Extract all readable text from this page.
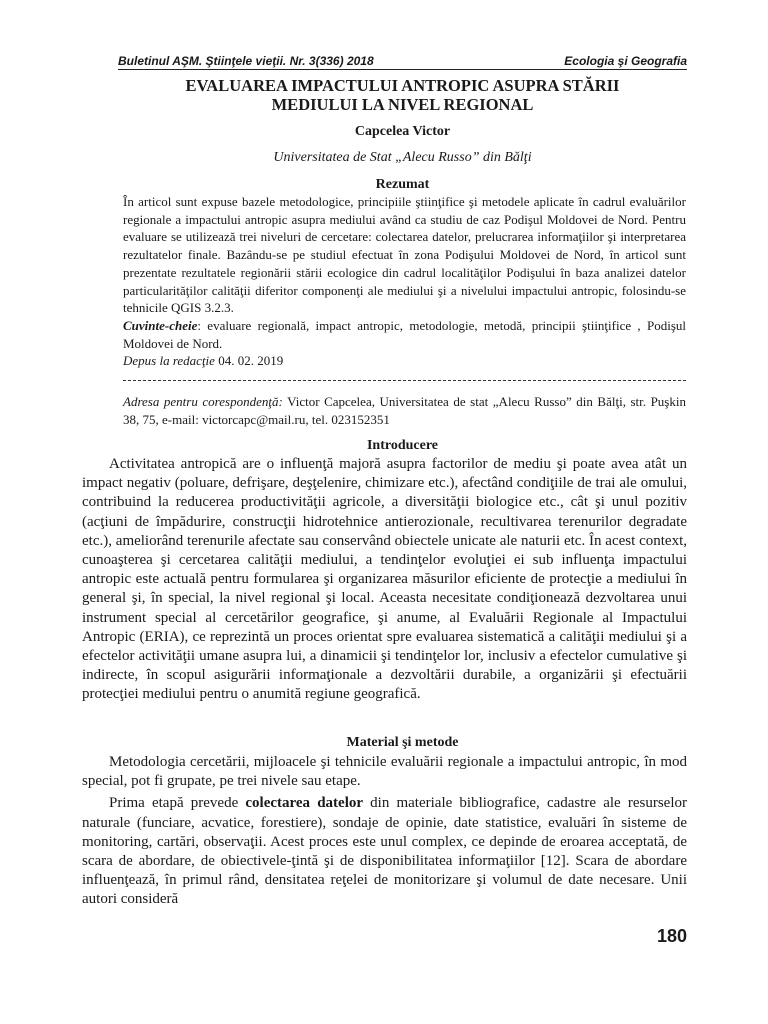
Buletinul AŞM. Ştiinţele vieţii. Nr. 3(336) 2018	Ecologia şi Geografia
EVALUAREA IMPACTULUI ANTROPIC ASUPRA STĂRII
MEDIULUI LA NIVEL REGIONAL
Capcelea Victor
Universitatea de Stat „Alecu Russo” din Bălţi
Rezumat

În articol sunt expuse bazele metodologice, principiile ştiinţifice şi metodele aplicate în cadrul evaluărilor regionale a impactului antropic asupra mediului având ca studiu de caz Podişul Moldovei de Nord. Pentru evaluare se utilizează trei niveluri de cercetare: colectarea datelor, prelucrarea informaţiilor şi interpretarea rezultatelor finale. Bazându-se pe studiul efectuat în zona Podişului Moldovei de Nord, în articol sunt prezentate rezultatele regionării stării ecologice din cadrul localităţilor Podişului în baza analizei datelor particularităţilor calităţii diferitor componenţi ale mediului şi a nivelului impactului antropic, folosindu-se tehnicile QGIS 3.2.3.

Cuvinte-cheie: evaluare regională, impact antropic, metodologie, metodă, principii ştiinţifice , Podişul Moldovei de Nord.

Depus la redacţie 04. 02. 2019

Adresa pentru corespondenţă: Victor Capcelea, Universitatea de stat „Alecu Russo” din Bălţi, str. Puşkin 38, 75, e-mail: victorcapc@mail.ru, tel. 023152351

Introducere

Activitatea antropică are o influenţă majoră asupra factorilor de mediu şi poate avea atât un impact negativ (poluare, defrişare, deşţelenire, chimizare etc.), afectând condiţiile de trai ale omului, contribuind la reducerea productivităţii agricole, a diversităţii biologice etc., cât şi unul pozitiv (acţiuni de împădurire, construcţii hidrotehnice antierozionale, recultivarea terenurilor degradate etc.), ameliorând terenurile afectate sau conservând obiectele unicate ale naturii etc. În acest context, cunoaşterea şi cercetarea calităţii mediului, a tendinţelor evoluţiei ei sub influenţa impactului antropic este actuală pentru formularea şi organizarea măsurilor eficiente de protecţie a mediului în general şi, în special, la nivel regional şi local. Aceasta necesitate condiţionează dezvoltarea unui instrument special al cercetărilor geografice, şi anume, al Evaluării Regionale al Impactului Antropic (ERIA), ce reprezintă un proces orientat spre evaluarea sistematică a calităţii mediului şi a efectelor activităţii umane asupra lui, a dinamicii şi tendinţelor lor, inclusiv a efectelor cumulative şi indirecte, în scopul asigurării informaţionale a dezvoltării durabile, a organizării şi efectuării protecţiei mediului pentru o anumită regiune geografică.

Material şi metode

Metodologia cercetării, mijloacele şi tehnicile evaluării regionale a impactului antropic, în mod special, pot fi grupate, pe trei nivele sau etape.

Prima etapă prevede colectarea datelor din materiale bibliografice, cadastre ale resurselor naturale (funciare, acvatice, forestiere), sondaje de opinie, date statistice, evaluări în sisteme de monitoring, cartări, observaţii. Acest proces este unul complex, ce depinde de eroarea acceptată, de scara de abordare, de obiectivele-ţintă şi de disponibilitatea informaţiilor [12]. Scara de abordare influenţează, în primul rând, densitatea reţelei de monitorizare şi volumul de date necesare. Unii autori consideră

180
